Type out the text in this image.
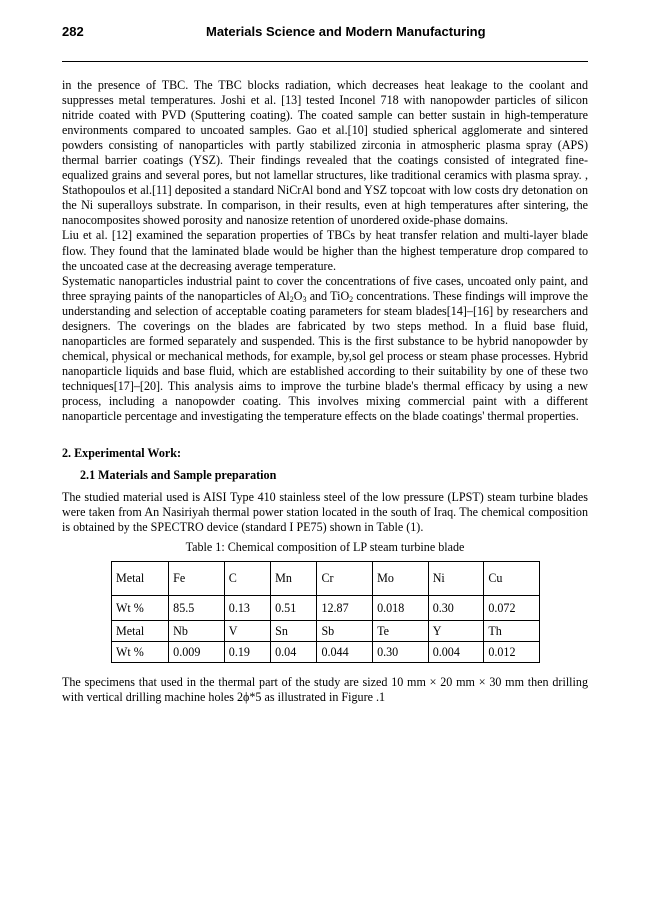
282	Materials Science and Modern Manufacturing

in the presence of TBC. The TBC blocks radiation, which decreases heat leakage to the coolant and suppresses metal temperatures. Joshi et al. [13] tested Inconel 718 with nanopowder particles of silicon nitride coated with PVD (Sputtering coating). The coated sample can better sustain in high-temperature environments compared to uncoated samples. Gao et al.[10] studied spherical agglomerate and sintered powders consisting of nanoparticles with partly stabilized zirconia in atmospheric plasma spray (APS) thermal barrier coatings (YSZ). Their findings revealed that the coatings consisted of integrated fine-equalized grains and several pores, but not lamellar structures, like traditional ceramics with plasma spray. , Stathopoulos et al.[11] deposited a standard NiCrAl bond and YSZ topcoat with low costs dry detonation on the Ni superalloys substrate. In comparison, in their results, even at high temperatures after sintering, the nanocomposites showed porosity and nanosize retention of unordered oxide-phase domains.

Liu et al. [12] examined the separation properties of TBCs by heat transfer relation and multi-layer blade flow. They found that the laminated blade would be higher than the highest temperature drop compared to the uncoated case at the decreasing average temperature.

Systematic nanoparticles industrial paint to cover the concentrations of five cases, uncoated only paint, and three spraying paints of the nanoparticles of $Al_2O_3$ and TiO$_2$ concentrations. These findings will improve the understanding and selection of acceptable coating parameters for steam blades[14]–[16] by researchers and designers. The coverings on the blades are fabricated by two steps method. In a fluid base fluid, nanoparticles are formed separately and suspended. This is the first substance to be hybrid nanopowder by chemical, physical or mechanical methods, for example, by,sol gel process or steam phase processes. Hybrid nanoparticle liquids and base fluid, which are established according to their suitability by one of these two techniques[17]–[20]. This analysis aims to improve the turbine blade's thermal efficacy by using a new process, including a nanopowder coating. This involves mixing commercial paint with a different nanoparticle percentage and investigating the temperature effects on the blade coatings' thermal properties.

2. Experimental Work:

2.1 Materials and Sample preparation

The studied material used is AISI Type 410 stainless steel of the low pressure (LPST) steam turbine blades were taken from An Nasiriyah thermal power station located in the south of Iraq. The chemical composition is obtained by the SPECTRO device (standard I PE75) shown in Table (1).

Table 1: Chemical composition of LP steam turbine blade

Metal	Fe	C	Mn	Cr	Mo	Ni	Cu
Wt %	85.5	0.13	0.51	12.87	0.018	0.30	0.072
Metal	Nb	V	Sn	Sb	Te	Y	Th
Wt %	0.009	0.19	0.04	0.044	0.30	0.004	0.012

The specimens that used in the thermal part of the study are sized 10 mm × 20 mm × 30 mm then drilling with vertical drilling machine holes 2ϕ*5 as illustrated in Figure .1
